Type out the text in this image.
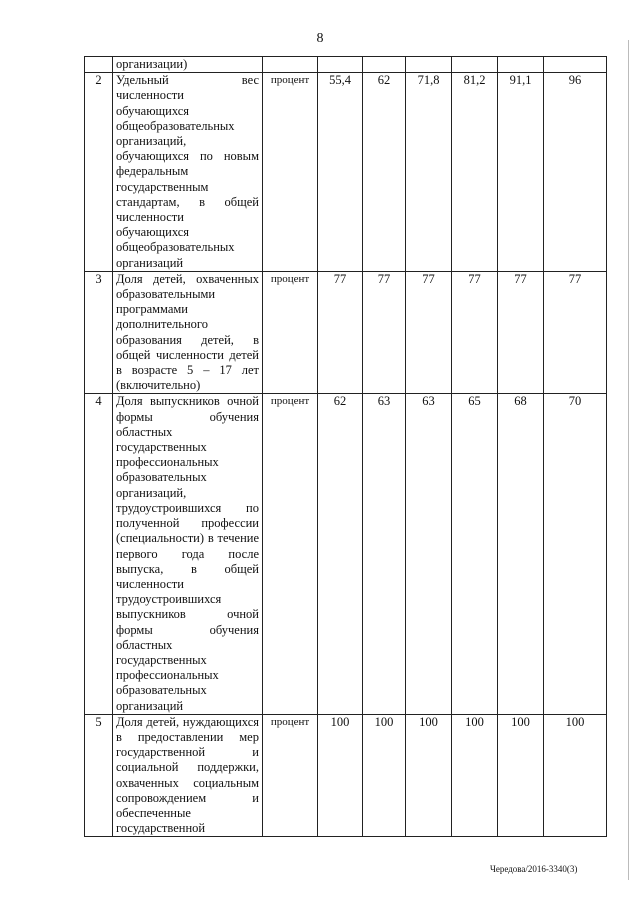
8
	организации)							
2	Удельный вес численности обучающихся общеобразовательных организаций, обучающихся по новым федеральным государственным стандартам, в общей численности обучающихся общеобразовательных организаций	процент	55,4	62	71,8	81,2	91,1	96
3	Доля детей, охваченных образовательными программами дополнительного образования детей, в общей численности детей в возрасте 5 – 17 лет (включительно)	процент	77	77	77	77	77	77
4	Доля выпускников очной формы обучения областных государственных профессиональных образовательных организаций, трудоустроившихся по полученной профессии (специальности) в течение первого года после выпуска, в общей численности трудоустроившихся выпускников очной формы обучения областных государственных профессиональных образовательных организаций	процент	62	63	63	65	68	70
5	Доля детей, нуждающихся в предоставлении мер государственной и социальной поддержки, охваченных социальным сопровождением и обеспеченные государственной	процент	100	100	100	100	100	100
Чередова/2016-3340(3)
